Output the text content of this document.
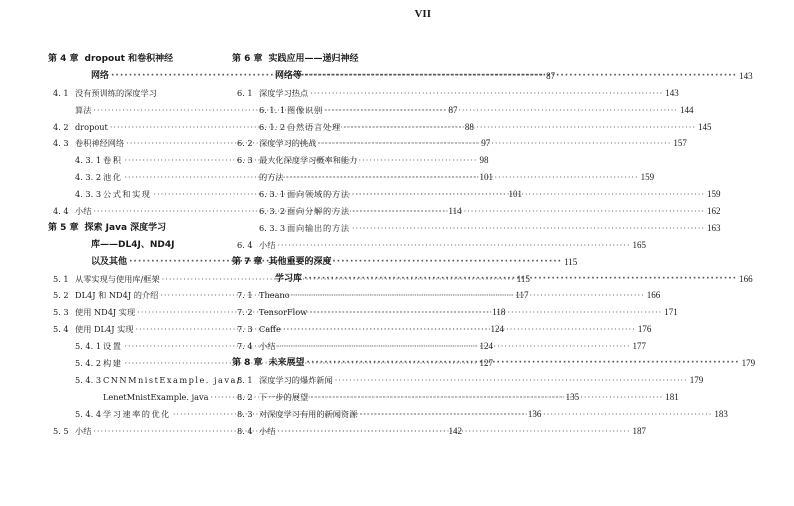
VII
第 4 章 dropout 和卷积神经
网络 ·····	87
4. 1 没有预训练的深度学习
算法 ·····	87
4. 2 dropout ·····	88
4. 3 卷积神经网络 ·····	97
4. 3. 1 卷积 ·····	98
4. 3. 2 池化 ·····	101
4. 3. 3 公式和实现 ·····	101
4. 4 小结 ·····	114
第 5 章 探索 Java 深度学习
库——DL4J、ND4J
以及其他 ·····	115
5. 1 从零实现与使用库/框架 ·····	115
5. 2 DL4J 和 ND4J 的介绍 ·····	117
5. 3 使用 ND4J 实现 ·····	118
5. 4 使用 DL4J 实现 ·····	124
5. 4. 1 设置 ·····	124
5. 4. 2 构建 ·····	127
5. 4. 3 CNNMnistExample. java/
LenetMnistExample. java ·····	135
5. 4. 4 学习速率的优化 ·····	136
5. 5 小结 ·····	142
第 6 章 实践应用——递归神经
网络等 ·····	143
6. 1 深度学习热点 ·····	143
6. 1. 1 图像识别 ·····	144
6. 1. 2 自然语言处理 ·····	145
6. 2 深度学习的挑战 ·····	157
6. 3 最大化深度学习概率和能力
的方法 ·····	159
6. 3. 1 面向领域的方法 ·····	159
6. 3. 2 面向分解的方法 ·····	162
6. 3. 3 面向输出的方法 ·····	163
6. 4 小结 ·····	165
第 7 章 其他重要的深度
学习库 ·····	166
7. 1 Theano ·····	166
7. 2 TensorFlow ·····	171
7. 3 Caffe ·····	176
7. 4 小结 ·····	177
第 8 章 未来展望 ·····	179
8. 1 深度学习的爆炸新闻 ·····	179
8. 2 下一步的展望 ·····	181
8. 3 对深度学习有用的新闻资源 ·····	183
8. 4 小结 ·····	187
